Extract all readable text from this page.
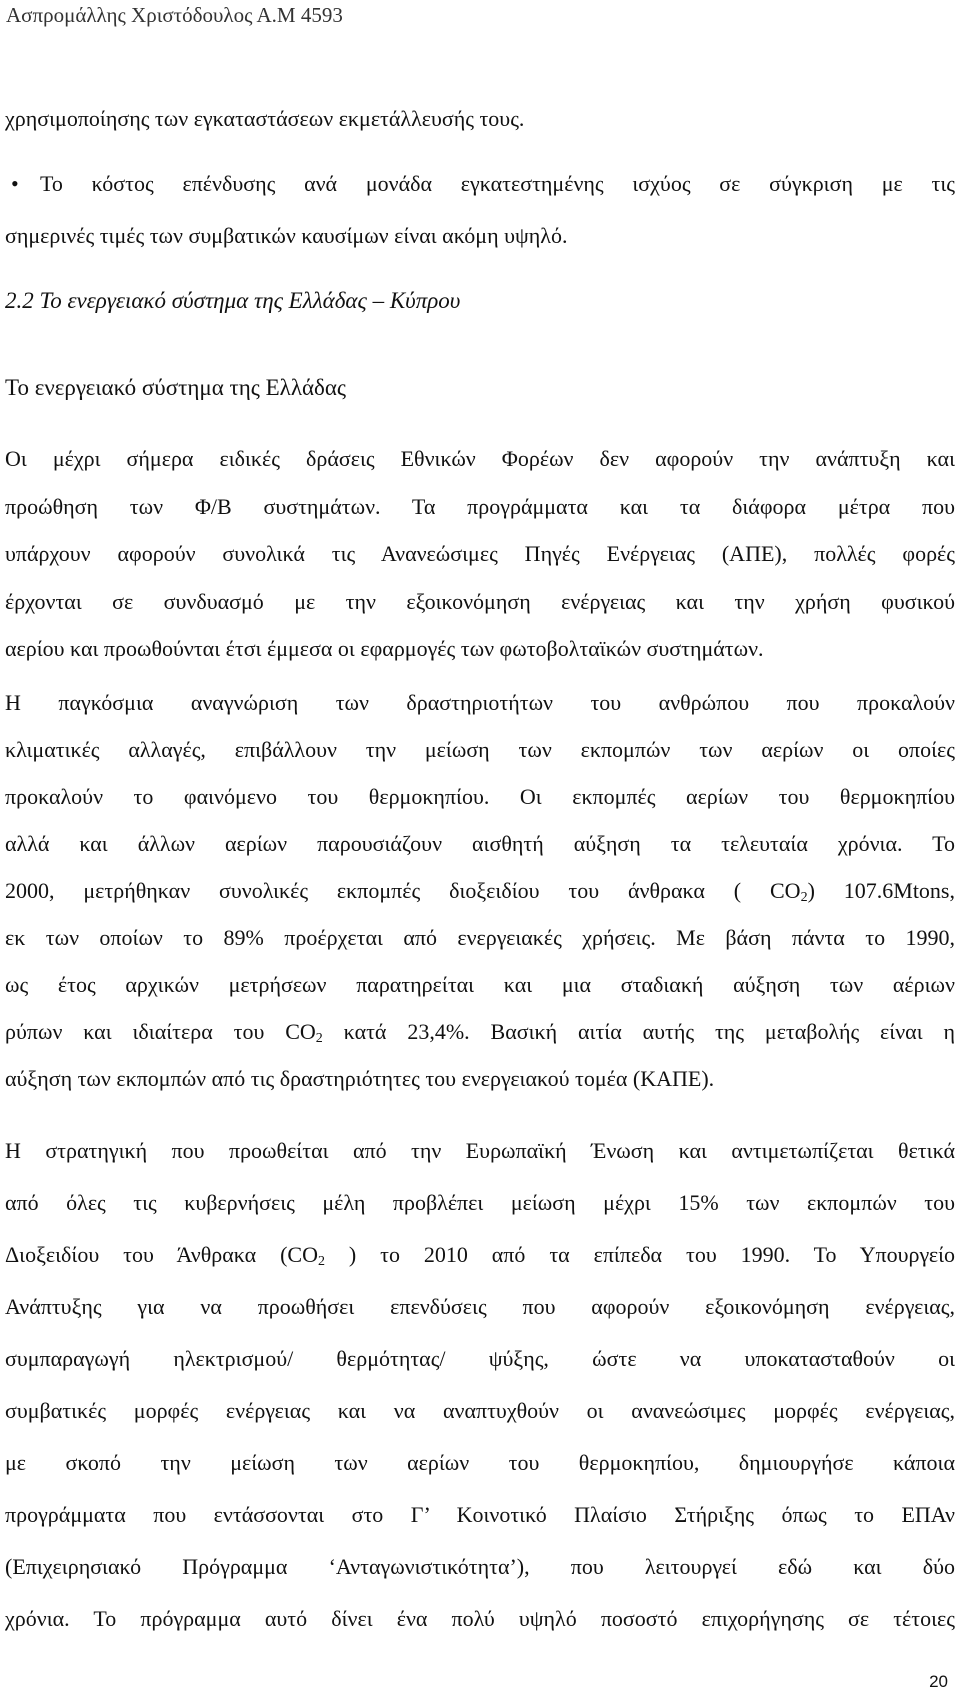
Ασπρομάλλης Χριστόδουλος Α.Μ 4593
χρησιμοποίησης των εγκαταστάσεων εκμετάλλευσής τους.
• Το κόστος επένδυσης ανά μονάδα εγκατεστημένης ισχύος σε σύγκριση με τις
σημερινές τιμές των συμβατικών καυσίμων είναι ακόμη υψηλό.
2.2 Το ενεργειακό σύστημα της Ελλάδας – Κύπρου
Το ενεργειακό σύστημα της Ελλάδας
Οι μέχρι σήμερα ειδικές δράσεις Εθνικών Φορέων δεν αφορούν την ανάπτυξη και
προώθηση των Φ/Β συστημάτων. Τα προγράμματα και τα διάφορα μέτρα που
υπάρχουν αφορούν συνολικά τις Ανανεώσιμες Πηγές Ενέργειας (ΑΠΕ), πολλές φορές
έρχονται σε συνδυασμό με την εξοικονόμηση ενέργειας και την χρήση φυσικού
αερίου και προωθούνται έτσι έμμεσα οι εφαρμογές των φωτοβολταϊκών συστημάτων.
Η παγκόσμια αναγνώριση των δραστηριοτήτων του ανθρώπου που προκαλούν
κλιματικές αλλαγές, επιβάλλουν την μείωση των εκπομπών των αερίων οι οποίες
προκαλούν το φαινόμενο του θερμοκηπίου. Οι εκπομπές αερίων του θερμοκηπίου
αλλά και άλλων αερίων παρουσιάζουν αισθητή αύξηση τα τελευταία χρόνια. Το
2000, μετρήθηκαν συνολικές εκπομπές διοξειδίου του άνθρακα ( $CO_2$) 107.6Mtons,
εκ των οποίων το 89% προέρχεται από ενεργειακές χρήσεις. Με βάση πάντα το 1990,
ως έτος αρχικών μετρήσεων παρατηρείται και μια σταδιακή αύξηση των αέριων
ρύπων και ιδιαίτερα του $CO_2$ κατά 23,4%. Βασική αιτία αυτής της μεταβολής είναι η
αύξηση των εκπομπών από τις δραστηριότητες του ενεργειακού τομέα (ΚΑΠΕ).
Η στρατηγική που προωθείται από την Ευρωπαϊκή Ένωση και αντιμετωπίζεται θετικά
από όλες τις κυβερνήσεις μέλη προβλέπει μείωση μέχρι 15% των εκπομπών του
Διοξειδίου του Άνθρακα ($CO_2$ ) το 2010 από τα επίπεδα του 1990. Το Υπουργείο
Ανάπτυξης για να προωθήσει επενδύσεις που αφορούν εξοικονόμηση ενέργειας,
συμπαραγωγή ηλεκτρισμού/ θερμότητας/ ψύξης, ώστε να υποκατασταθούν οι
συμβατικές μορφές ενέργειας και να αναπτυχθούν οι ανανεώσιμες μορφές ενέργειας,
με σκοπό την μείωση των αερίων του θερμοκηπίου, δημιουργήσε κάποια
προγράμματα που εντάσσονται στο Γ’ Κοινοτικό Πλαίσιο Στήριξης όπως το ΕΠΑν
(Επιχειρησιακό Πρόγραμμα ‘Ανταγωνιστικότητα’), που λειτουργεί εδώ και δύο
χρόνια. Το πρόγραμμα αυτό δίνει ένα πολύ υψηλό ποσοστό επιχορήγησης σε τέτοιες
20
